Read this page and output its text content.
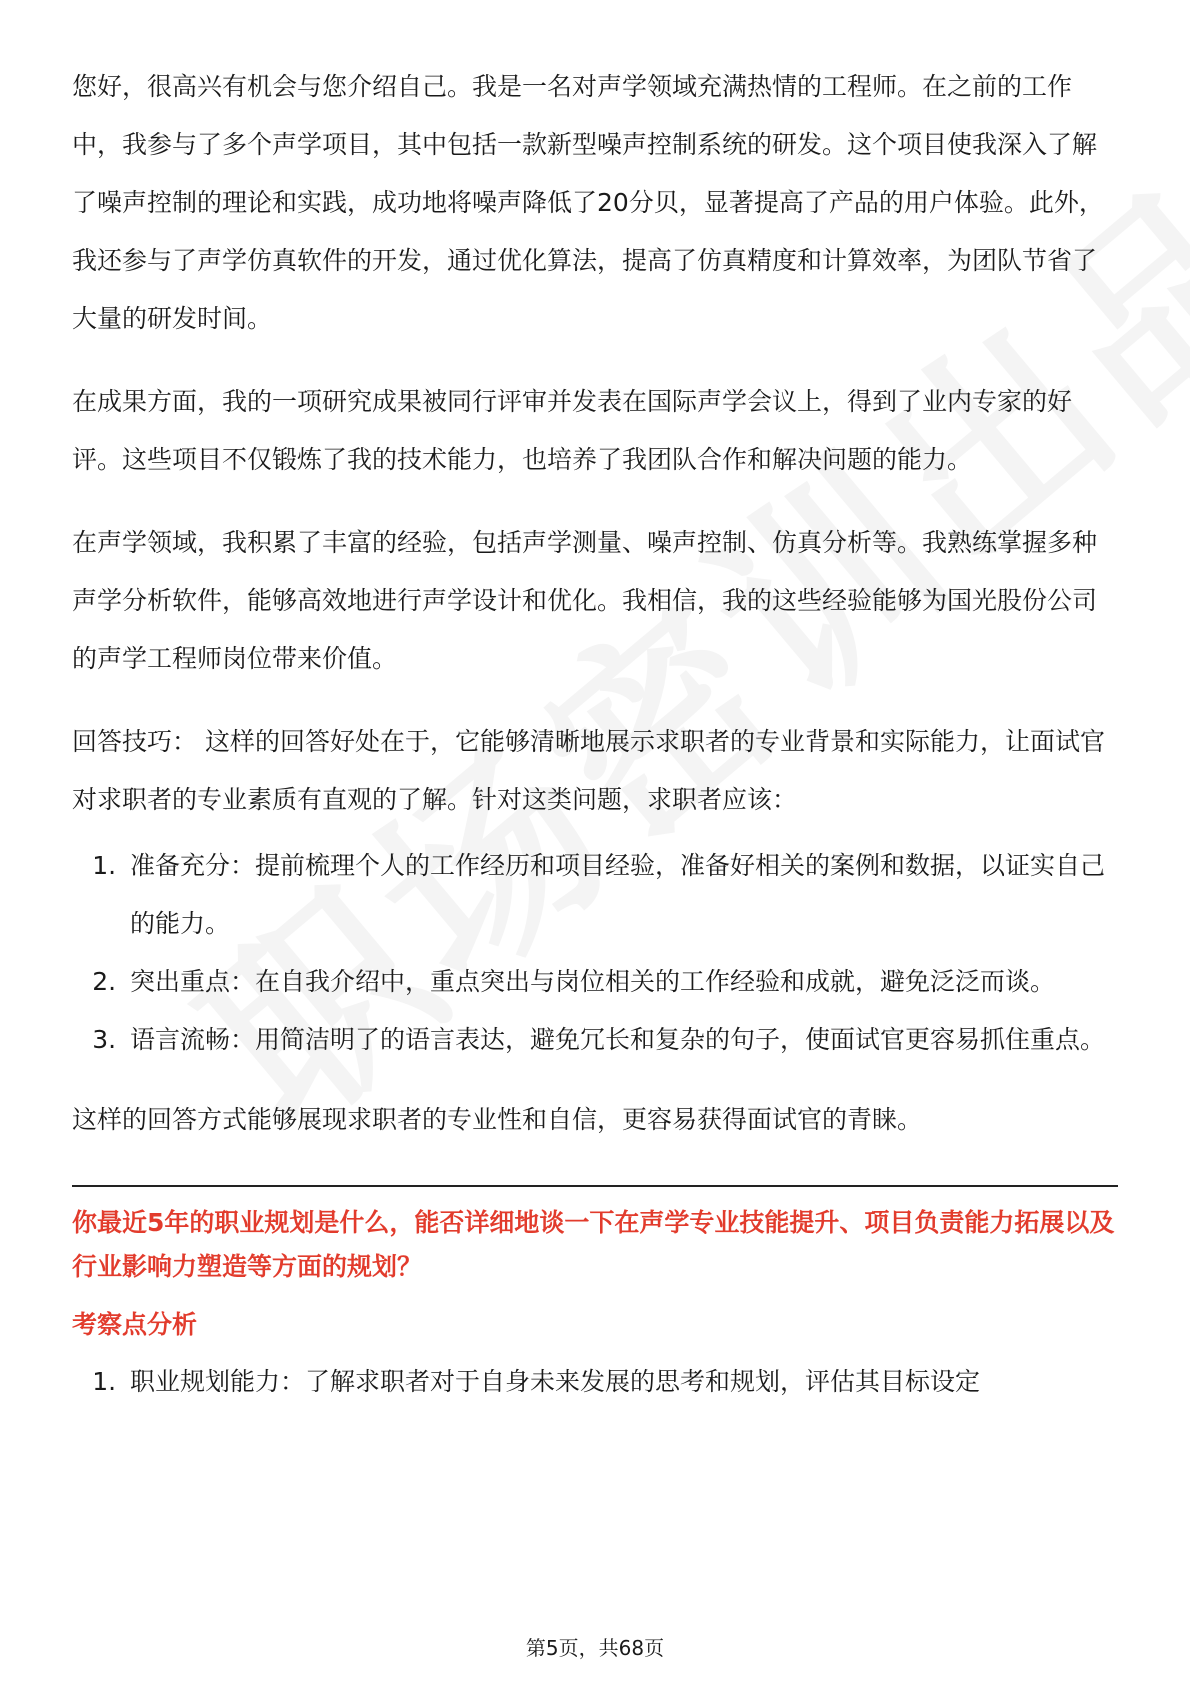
您好，很高兴有机会与您介绍自己。我是一名对声学领域充满热情的工程师。在之前的工作中，我参与了多个声学项目，其中包括一款新型噪声控制系统的研发。这个项目使我深入了解了噪声控制的理论和实践，成功地将噪声降低了20分贝，显著提高了产品的用户体验。此外，我还参与了声学仿真软件的开发，通过优化算法，提高了仿真精度和计算效率，为团队节省了大量的研发时间。

在成果方面，我的一项研究成果被同行评审并发表在国际声学会议上，得到了业内专家的好评。这些项目不仅锻炼了我的技术能力，也培养了我团队合作和解决问题的能力。

在声学领域，我积累了丰富的经验，包括声学测量、噪声控制、仿真分析等。我熟练掌握多种声学分析软件，能够高效地进行声学设计和优化。我相信，我的这些经验能够为国光股份公司的声学工程师岗位带来价值。

回答技巧： 这样的回答好处在于，它能够清晰地展示求职者的专业背景和实际能力，让面试官对求职者的专业素质有直观的了解。针对这类问题，求职者应该：

1. 准备充分：提前梳理个人的工作经历和项目经验，准备好相关的案例和数据，以证实自己的能力。
2. 突出重点：在自我介绍中，重点突出与岗位相关的工作经验和成就，避免泛泛而谈。
3. 语言流畅：用简洁明了的语言表达，避免冗长和复杂的句子，使面试官更容易抓住重点。

这样的回答方式能够展现求职者的专业性和自信，更容易获得面试官的青睐。

你最近5年的职业规划是什么，能否详细地谈一下在声学专业技能提升、项目负责能力拓展以及行业影响力塑造等方面的规划？
考察点分析
1. 职业规划能力：了解求职者对于自身未来发展的思考和规划，评估其目标设定
第5页，共68页
